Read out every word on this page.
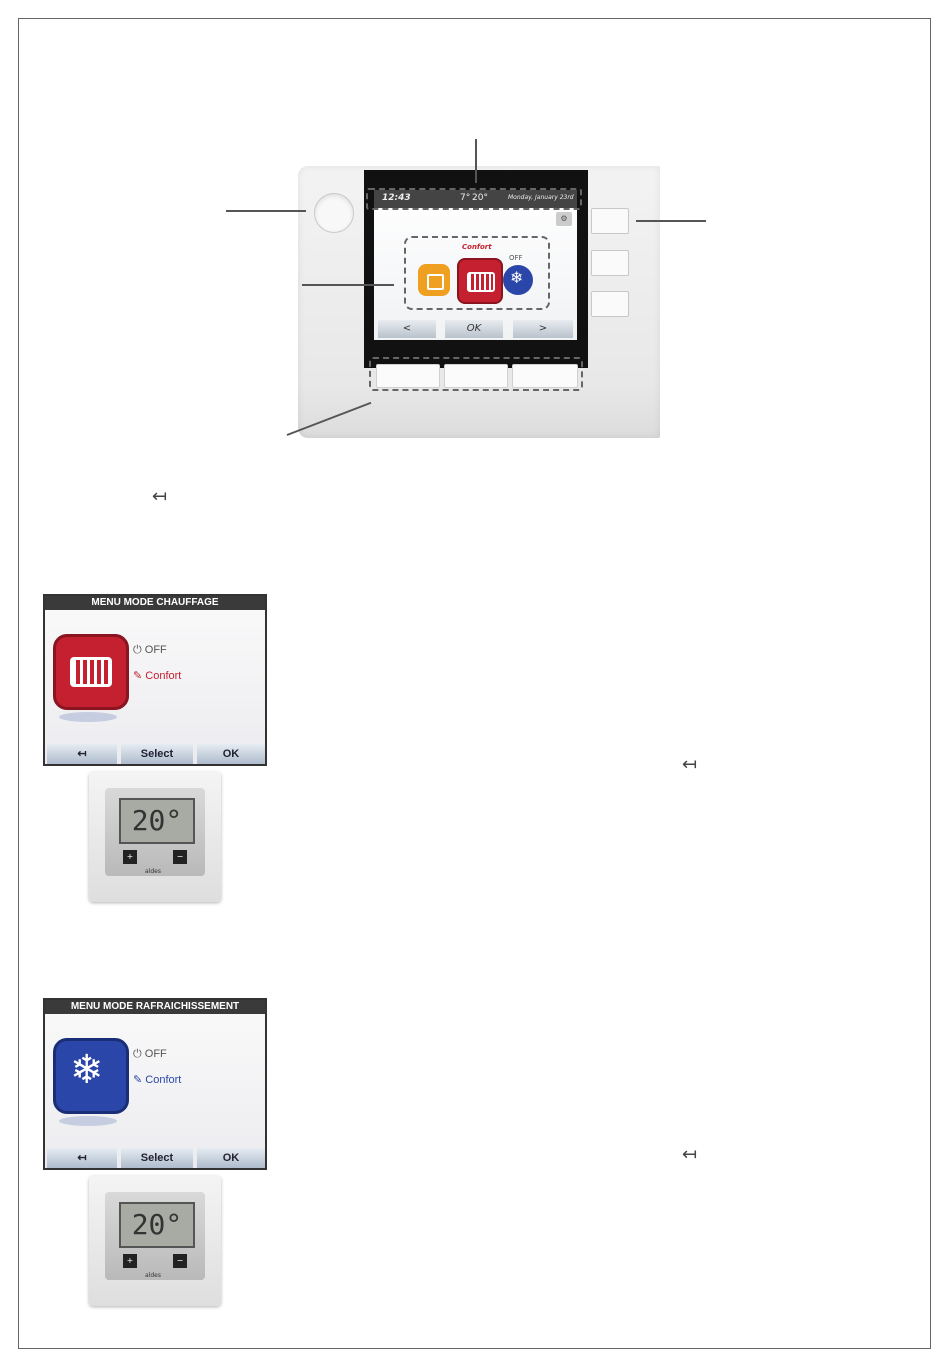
12:43	7° 20°	Monday, January 23rd
⚙
Confort
OFF
❄
<	OK	>
↤
MENU MODE CHAUFFAGE
⏻ OFF
✎ Confort
↤	Select	OK	↤
20°
+	−
aldes
MENU MODE RAFRAICHISSEMENT
❄	⏻ OFF
✎ Confort
↤	Select	OK	↤
20°
+	−
aldes
